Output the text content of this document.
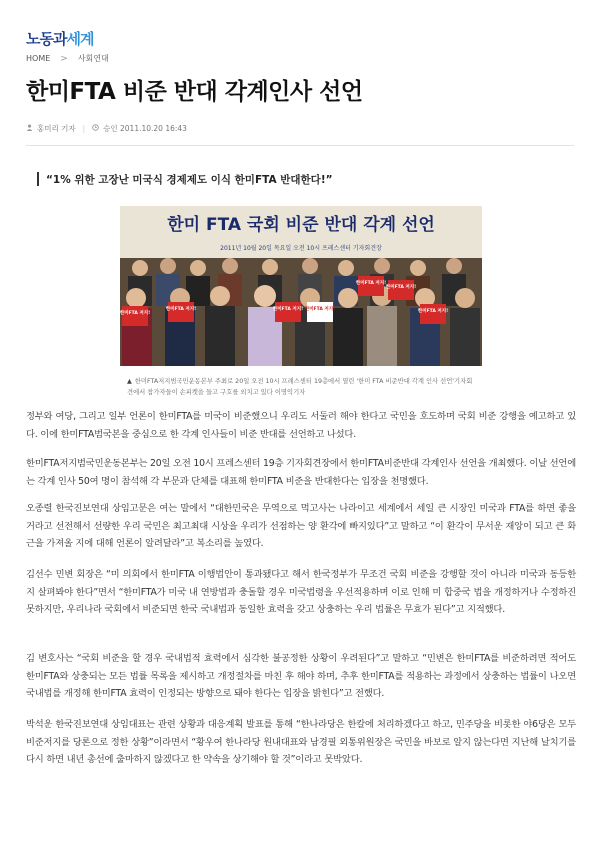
노동과세계
HOME > 사회연대
한미FTA 비준 반대 각계인사 선언
홍미리 기자 | 승인 2011.10.20 16:43
“1% 위한 고장난 미국식 경제제도 이식 한미FTA 반대한다!”
한미 FTA 국회 비준 반대 각계 선언
2011년 10월 20일 목요일 오전 10시 프레스센터 기자회견장
한미FTA 저지!
한미FTA 저지!	한미FTA 저지! 한미FTA 저지!
한미FTA 저지!
한미FTA 저지!
한미FTA 저지!
▲ 한미FTA저지범국민운동본부 주최로 20일 오전 10시 프레스센터 19층에서 열린 '한미 FTA 비준반대 각계 인사 선언'기자회견에서 참가자들이 손피켓을 들고 구호를 외치고 있다 이명익기자

정부와 여당, 그리고 일부 언론이 한미FTA를 미국이 비준했으니 우리도 서둘러 해야 한다고 국민을 호도하며 국회 비준 강행을 예고하고 있다. 이에 한미FTA범국본을 중심으로 한 각계 인사들이 비준 반대를 선언하고 나섰다.

한미FTA저지범국민운동본부는 20일 오전 10시 프레스센터 19층 기자회견장에서 한미FTA비준반대 각계인사 선언을 개최했다. 이날 선언에는 각계 인사 50여 명이 참석해 각 부문과 단체를 대표해 한미FTA 비준을 반대한다는 입장을 천명했다.

오종렬 한국진보연대 상임고문은 여는 말에서 “대한민국은 무역으로 먹고사는 나라이고 세계에서 세일 큰 시장인 미국과 FTA를 하면 좋을 거라고 선전해서 선량한 우리 국민은 최고최대 시상을 우리가 선점하는 양 환각에 빠지있다”고 말하고 “이 환각이 무서운 재앙이 되고 큰 화근을 가져올 지에 대해 언론이 알려달라”고 복소리를 높였다.

김선수 민변 회장은 “미 의회에서 한미FTA 이행법안이 통과됐다고 해서 한국정부가 무조건 국회 비준을 강행할 것이 아니라 미국과 동등한지 살펴봐야 한다”면서 “한미FTA가 미국 내 연방법과 충돌할 경우 미국법령을 우선적용하며 이로 인해 미 합중국 법을 개정하거나 수정하진 못하지만, 우리나라 국회에서 비준되면 한국 국내법과 동일한 효력을 갖고 상충하는 우리 법률은 무효가 된다”고 지적했다.

김 변호사는 “국회 비준을 할 경우 국내법적 효력에서 심각한 불공정한 상황이 우려된다”고 말하고 “민변은 한미FTA를 비준하려면 적어도 한미FTA와 상충되는 모든 법률 목록을 제시하고 개정절차를 마친 후 해야 하며, 추후 한미FTA를 적용하는 과정에서 상충하는 법률이 나오면 국내법를 개정해 한미FTA 효력이 인정되는 방향으로 돼야 한다는 입장을 밝힌다”고 전했다.

박석운 한국진보연대 상임대표는 관련 상황과 대응계획 발표를 통해 “한나라당은 한칼에 처리하겠다고 하고, 민주당을 비롯한 야6당은 모두 비준저지를 당론으로 정한 상황”이라면서 “황우여 한나라당 원내대표와 남경필 외통위원장은 국민을 바보로 알지 않는다면 지난해 날치기를 다시 하면 내년 총선에 출마하지 않겠다고 한 약속을 상기해야 할 것”이라고 못박았다.
